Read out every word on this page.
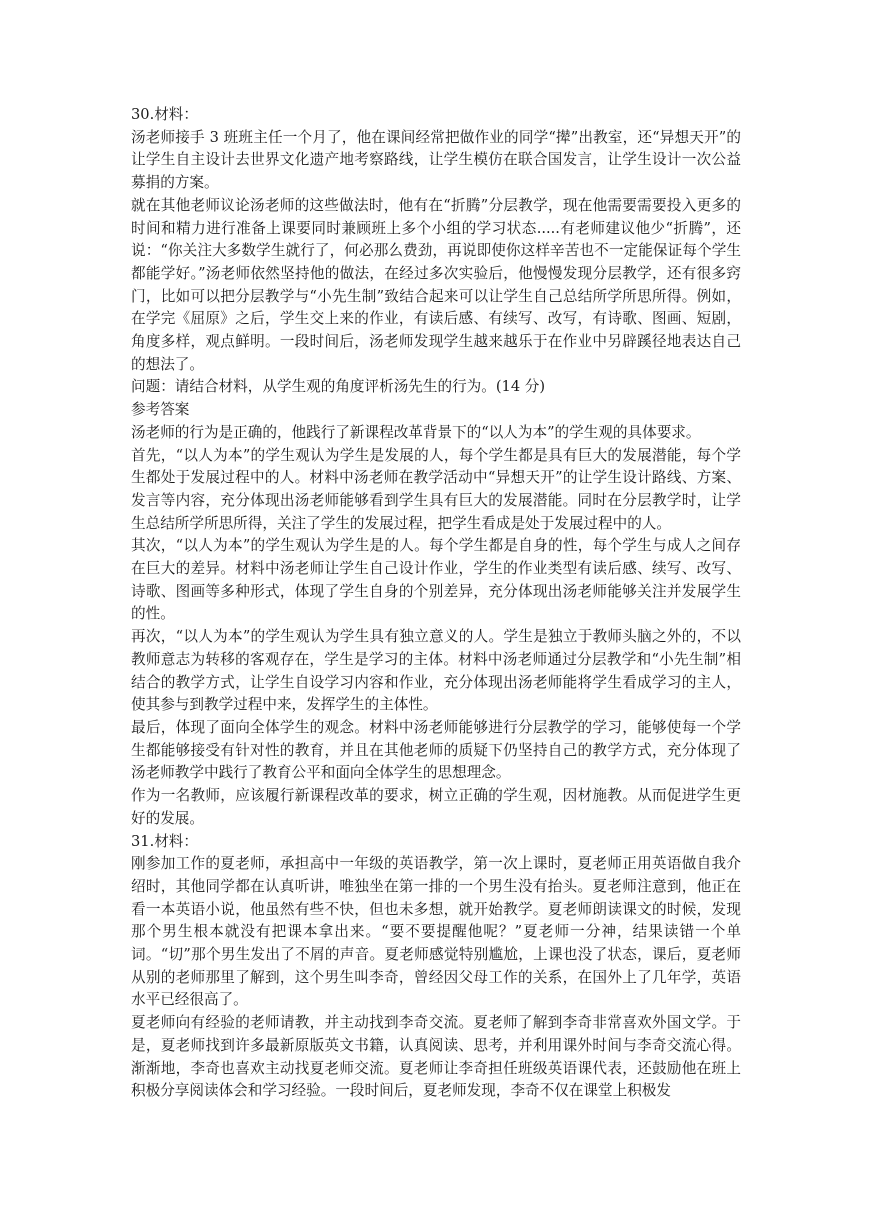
30.材料：

汤老师接手 3 班班主任一个月了，他在课间经常把做作业的同学“撵”出教室，还“异想天开”的让学生自主设计去世界文化遗产地考察路线，让学生模仿在联合国发言，让学生设计一次公益募捐的方案。

就在其他老师议论汤老师的这些做法时，他有在“折腾”分层教学，现在他需要需要投入更多的时间和精力进行准备上课要同时兼顾班上多个小组的学习状态.....有老师建议他少“折腾”，还说：“你关注大多数学生就行了，何必那么费劲，再说即使你这样辛苦也不一定能保证每个学生都能学好。”汤老师依然坚持他的做法，在经过多次实验后，他慢慢发现分层教学，还有很多窍门，比如可以把分层教学与“小先生制”致结合起来可以让学生自己总结所学所思所得。例如，在学完《屈原》之后，学生交上来的作业，有读后感、有续写、改写，有诗歌、图画、短剧，角度多样，观点鲜明。一段时间后，汤老师发现学生越来越乐于在作业中另辟蹊径地表达自己的想法了。

问题：请结合材料，从学生观的角度评析汤先生的行为。(14 分)

参考答案

汤老师的行为是正确的，他践行了新课程改革背景下的“以人为本”的学生观的具体要求。

首先，“以人为本”的学生观认为学生是发展的人，每个学生都是具有巨大的发展潜能，每个学生都处于发展过程中的人。材料中汤老师在教学活动中“异想天开”的让学生设计路线、方案、发言等内容，充分体现出汤老师能够看到学生具有巨大的发展潜能。同时在分层教学时，让学生总结所学所思所得，关注了学生的发展过程，把学生看成是处于发展过程中的人。

其次，“以人为本”的学生观认为学生是的人。每个学生都是自身的性，每个学生与成人之间存在巨大的差异。材料中汤老师让学生自己设计作业，学生的作业类型有读后感、续写、改写、诗歌、图画等多种形式，体现了学生自身的个别差异，充分体现出汤老师能够关注并发展学生的性。

再次，“以人为本”的学生观认为学生具有独立意义的人。学生是独立于教师头脑之外的，不以教师意志为转移的客观存在，学生是学习的主体。材料中汤老师通过分层教学和“小先生制”相结合的教学方式，让学生自设学习内容和作业，充分体现出汤老师能将学生看成学习的主人，使其参与到教学过程中来，发挥学生的主体性。

最后，体现了面向全体学生的观念。材料中汤老师能够进行分层教学的学习，能够使每一个学生都能够接受有针对性的教育，并且在其他老师的质疑下仍坚持自己的教学方式，充分体现了汤老师教学中践行了教育公平和面向全体学生的思想理念。

作为一名教师，应该履行新课程改革的要求，树立正确的学生观，因材施教。从而促进学生更好的发展。

31.材料：

刚参加工作的夏老师，承担高中一年级的英语教学，第一次上课时，夏老师正用英语做自我介绍时，其他同学都在认真听讲，唯独坐在第一排的一个男生没有抬头。夏老师注意到，他正在看一本英语小说，他虽然有些不快，但也未多想，就开始教学。夏老师朗读课文的时候，发现那个男生根本就没有把课本拿出来。“要不要提醒他呢？”夏老师一分神，结果读错一个单词。“切”那个男生发出了不屑的声音。夏老师感觉特别尴尬，上课也没了状态，课后，夏老师从别的老师那里了解到，这个男生叫李奇，曾经因父母工作的关系，在国外上了几年学，英语水平已经很高了。

夏老师向有经验的老师请教，并主动找到李奇交流。夏老师了解到李奇非常喜欢外国文学。于是，夏老师找到许多最新原版英文书籍，认真阅读、思考，并利用课外时间与李奇交流心得。渐渐地，李奇也喜欢主动找夏老师交流。夏老师让李奇担任班级英语课代表，还鼓励他在班上积极分享阅读体会和学习经验。一段时间后，夏老师发现，李奇不仅在课堂上积极发
